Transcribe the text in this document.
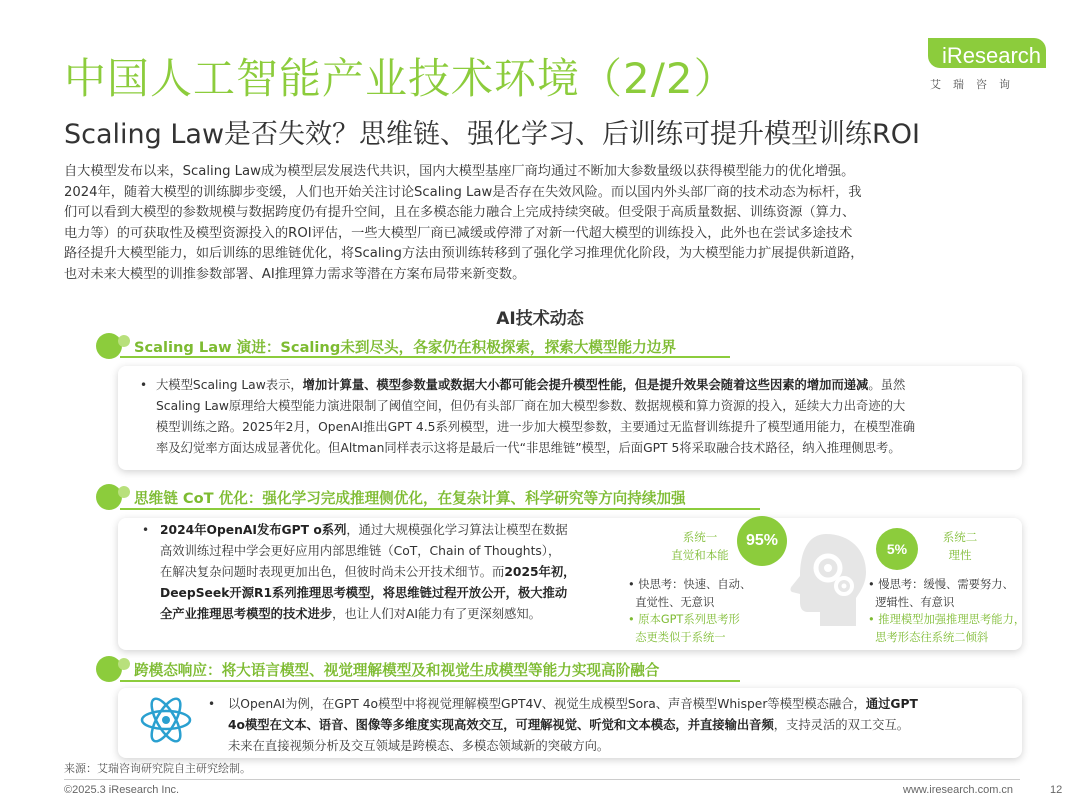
中国人工智能产业技术环境（2/2）
Scaling Law是否失效？思维链、强化学习、后训练可提升模型训练ROI
iResearch
艾瑞咨询
自大模型发布以来，Scaling Law成为模型层发展迭代共识，国内大模型基座厂商均通过不断加大参数量级以获得模型能力的优化增强。
2024年，随着大模型的训练脚步变缓，人们也开始关注讨论Scaling Law是否存在失效风险。而以国内外头部厂商的技术动态为标杆，我
们可以看到大模型的参数规模与数据跨度仍有提升空间，且在多模态能力融合上完成持续突破。但受限于高质量数据、训练资源（算力、
电力等）的可获取性及模型资源投入的ROI评估，一些大模型厂商已减缓或停滞了对新一代超大模型的训练投入，此外也在尝试多途技术
路径提升大模型能力，如后训练的思维链优化，将Scaling方法由预训练转移到了强化学习推理优化阶段，为大模型能力扩展提供新道路，
也对未来大模型的训推参数部署、AI推理算力需求等潜在方案布局带来新变数。
AI技术动态
Scaling Law 演进：Scaling未到尽头，各家仍在积极探索，探索大模型能力边界
• 大模型Scaling Law表示，增加计算量、模型参数量或数据大小都可能会提升模型性能，但是提升效果会随着这些因素的增加而递减。虽然
Scaling Law原理给大模型能力演进限制了阈值空间，但仍有头部厂商在加大模型参数、数据规模和算力资源的投入，延续大力出奇迹的大
模型训练之路。2025年2月，OpenAI推出GPT 4.5系列模型，进一步加大模型参数，主要通过无监督训练提升了模型通用能力，在模型准确
率及幻觉率方面达成显著优化。但Altman同样表示这将是最后一代“非思维链”模型，后面GPT 5将采取融合技术路径，纳入推理侧思考。
思维链 CoT 优化：强化学习完成推理侧优化，在复杂计算、科学研究等方向持续加强
• 2024年OpenAI发布GPT o系列，通过大规模强化学习算法让模型在数据
高效训练过程中学会更好应用内部思维链（CoT，Chain of Thoughts），
在解决复杂问题时表现更加出色，但彼时尚未公开技术细节。而2025年初，
DeepSeek开源R1系列推理思考模型，将思维链过程开放公开，极大推动
全产业推理思考模型的技术进步，也让人们对AI能力有了更深刻感知。
系统一
直觉和本能
95%	5%
系统二
理性
• 快思考：快速、自动、
直觉性、无意识
• 原本GPT系列思考形
态更类似于系统一
• 慢思考：缓慢、需要努力、
逻辑性、有意识
• 推理模型加强推理思考能力，
思考形态往系统二倾斜
跨模态响应：将大语言模型、视觉理解模型及和视觉生成模型等能力实现高阶融合
• 以OpenAI为例，在GPT 4o模型中将视觉理解模型GPT4V、视觉生成模型Sora、声音模型Whisper等模型模态融合，通过GPT
4o模型在文本、语音、图像等多维度实现高效交互，可理解视觉、听觉和文本模态，并直接输出音频，支持灵活的双工交互。
未来在直接视频分析及交互领域是跨模态、多模态领域新的突破方向。
来源：艾瑞咨询研究院自主研究绘制。
©2025.3 iResearch Inc.	www.iresearch.com.cn	12
